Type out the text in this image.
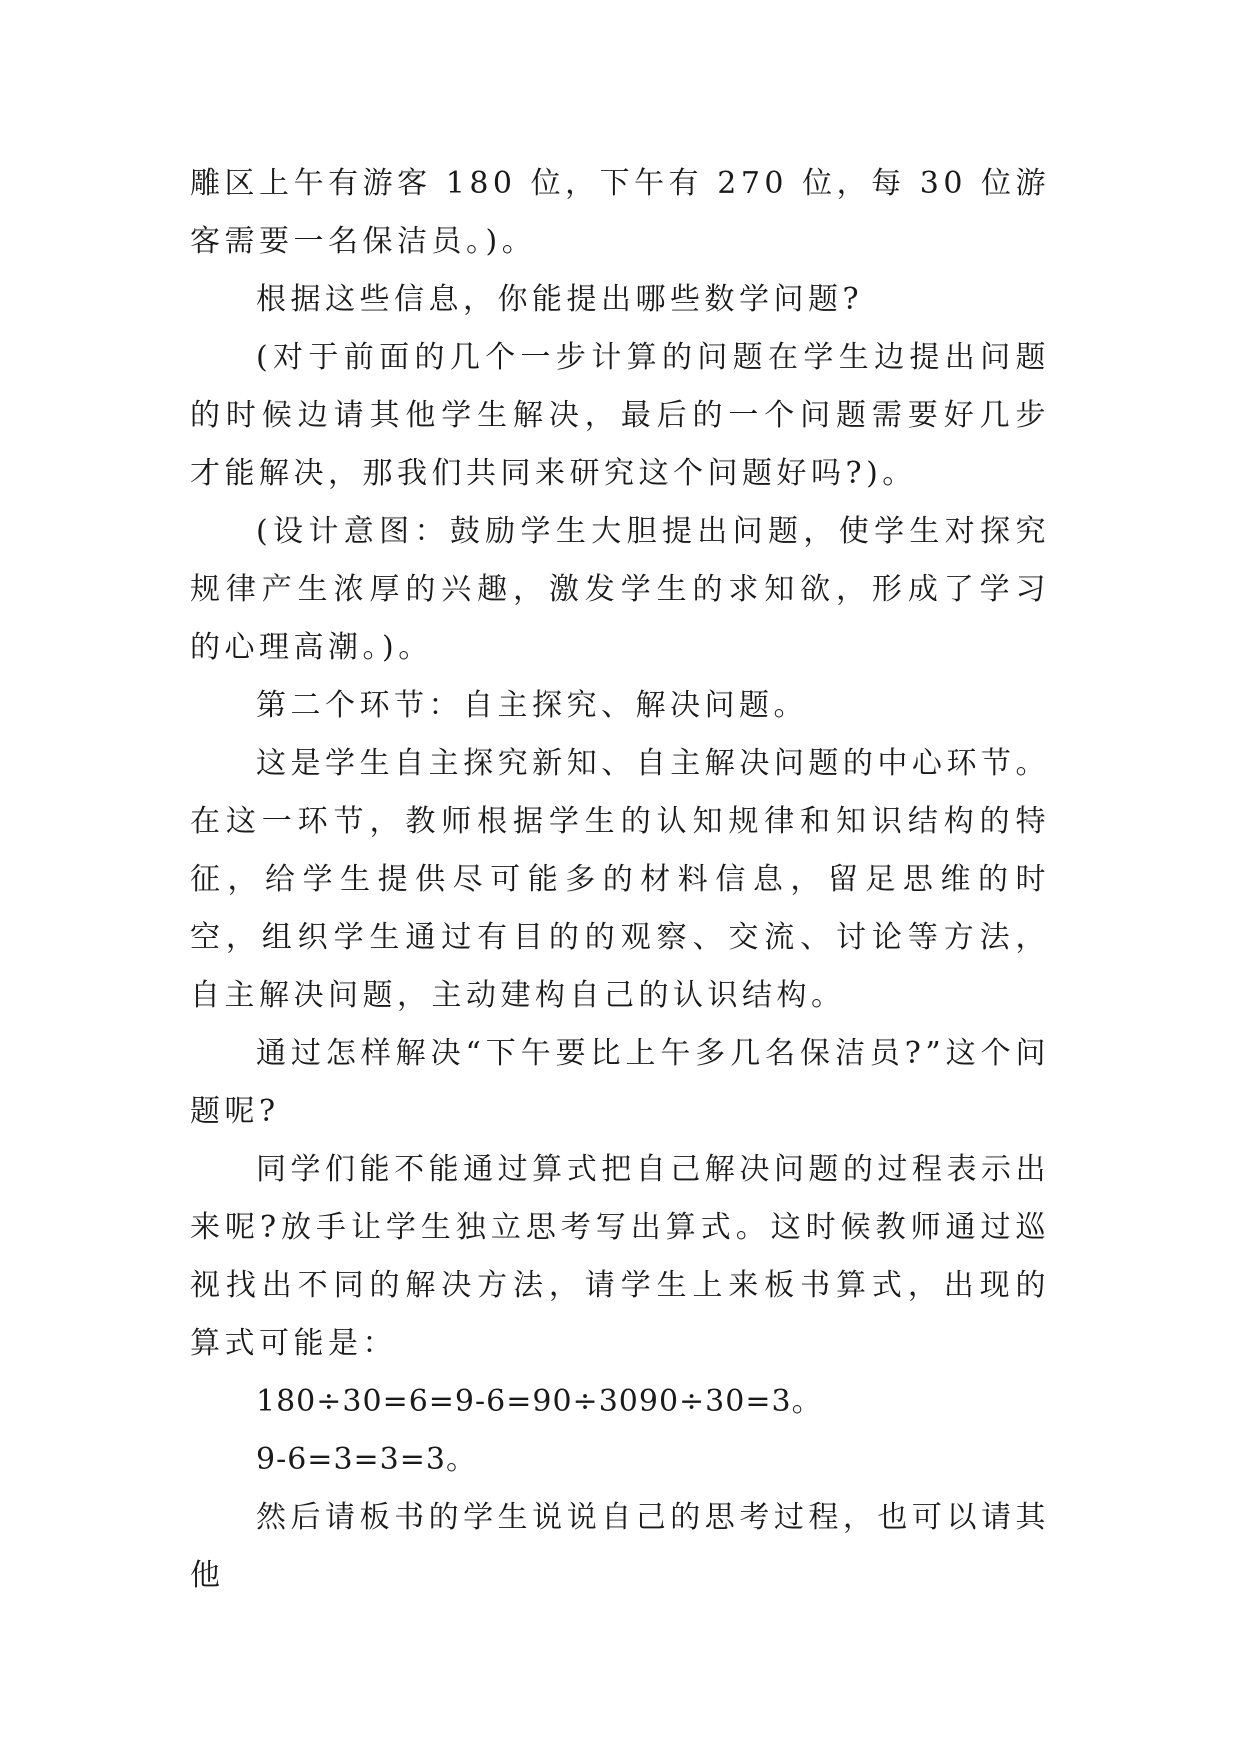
雕区上午有游客 180 位，下午有 270 位，每 30 位游客需要一名保洁员。)。

根据这些信息，你能提出哪些数学问题?

(对于前面的几个一步计算的问题在学生边提出问题的时候边请其他学生解决，最后的一个问题需要好几步才能解决，那我们共同来研究这个问题好吗?)。

(设计意图：鼓励学生大胆提出问题，使学生对探究规律产生浓厚的兴趣，激发学生的求知欲，形成了学习的心理高潮。)。

第二个环节：自主探究、解决问题。

这是学生自主探究新知、自主解决问题的中心环节。在这一环节，教师根据学生的认知规律和知识结构的特征，给学生提供尽可能多的材料信息，留足思维的时空，组织学生通过有目的的观察、交流、讨论等方法，自主解决问题，主动建构自己的认识结构。

通过怎样解决“下午要比上午多几名保洁员?”这个问题呢?

同学们能不能通过算式把自己解决问题的过程表示出来呢?放手让学生独立思考写出算式。这时候教师通过巡视找出不同的解决方法，请学生上来板书算式，出现的算式可能是：

180÷30=6=9-6=90÷3090÷30=3。

9-6=3=3=3。

然后请板书的学生说说自己的思考过程，也可以请其他
